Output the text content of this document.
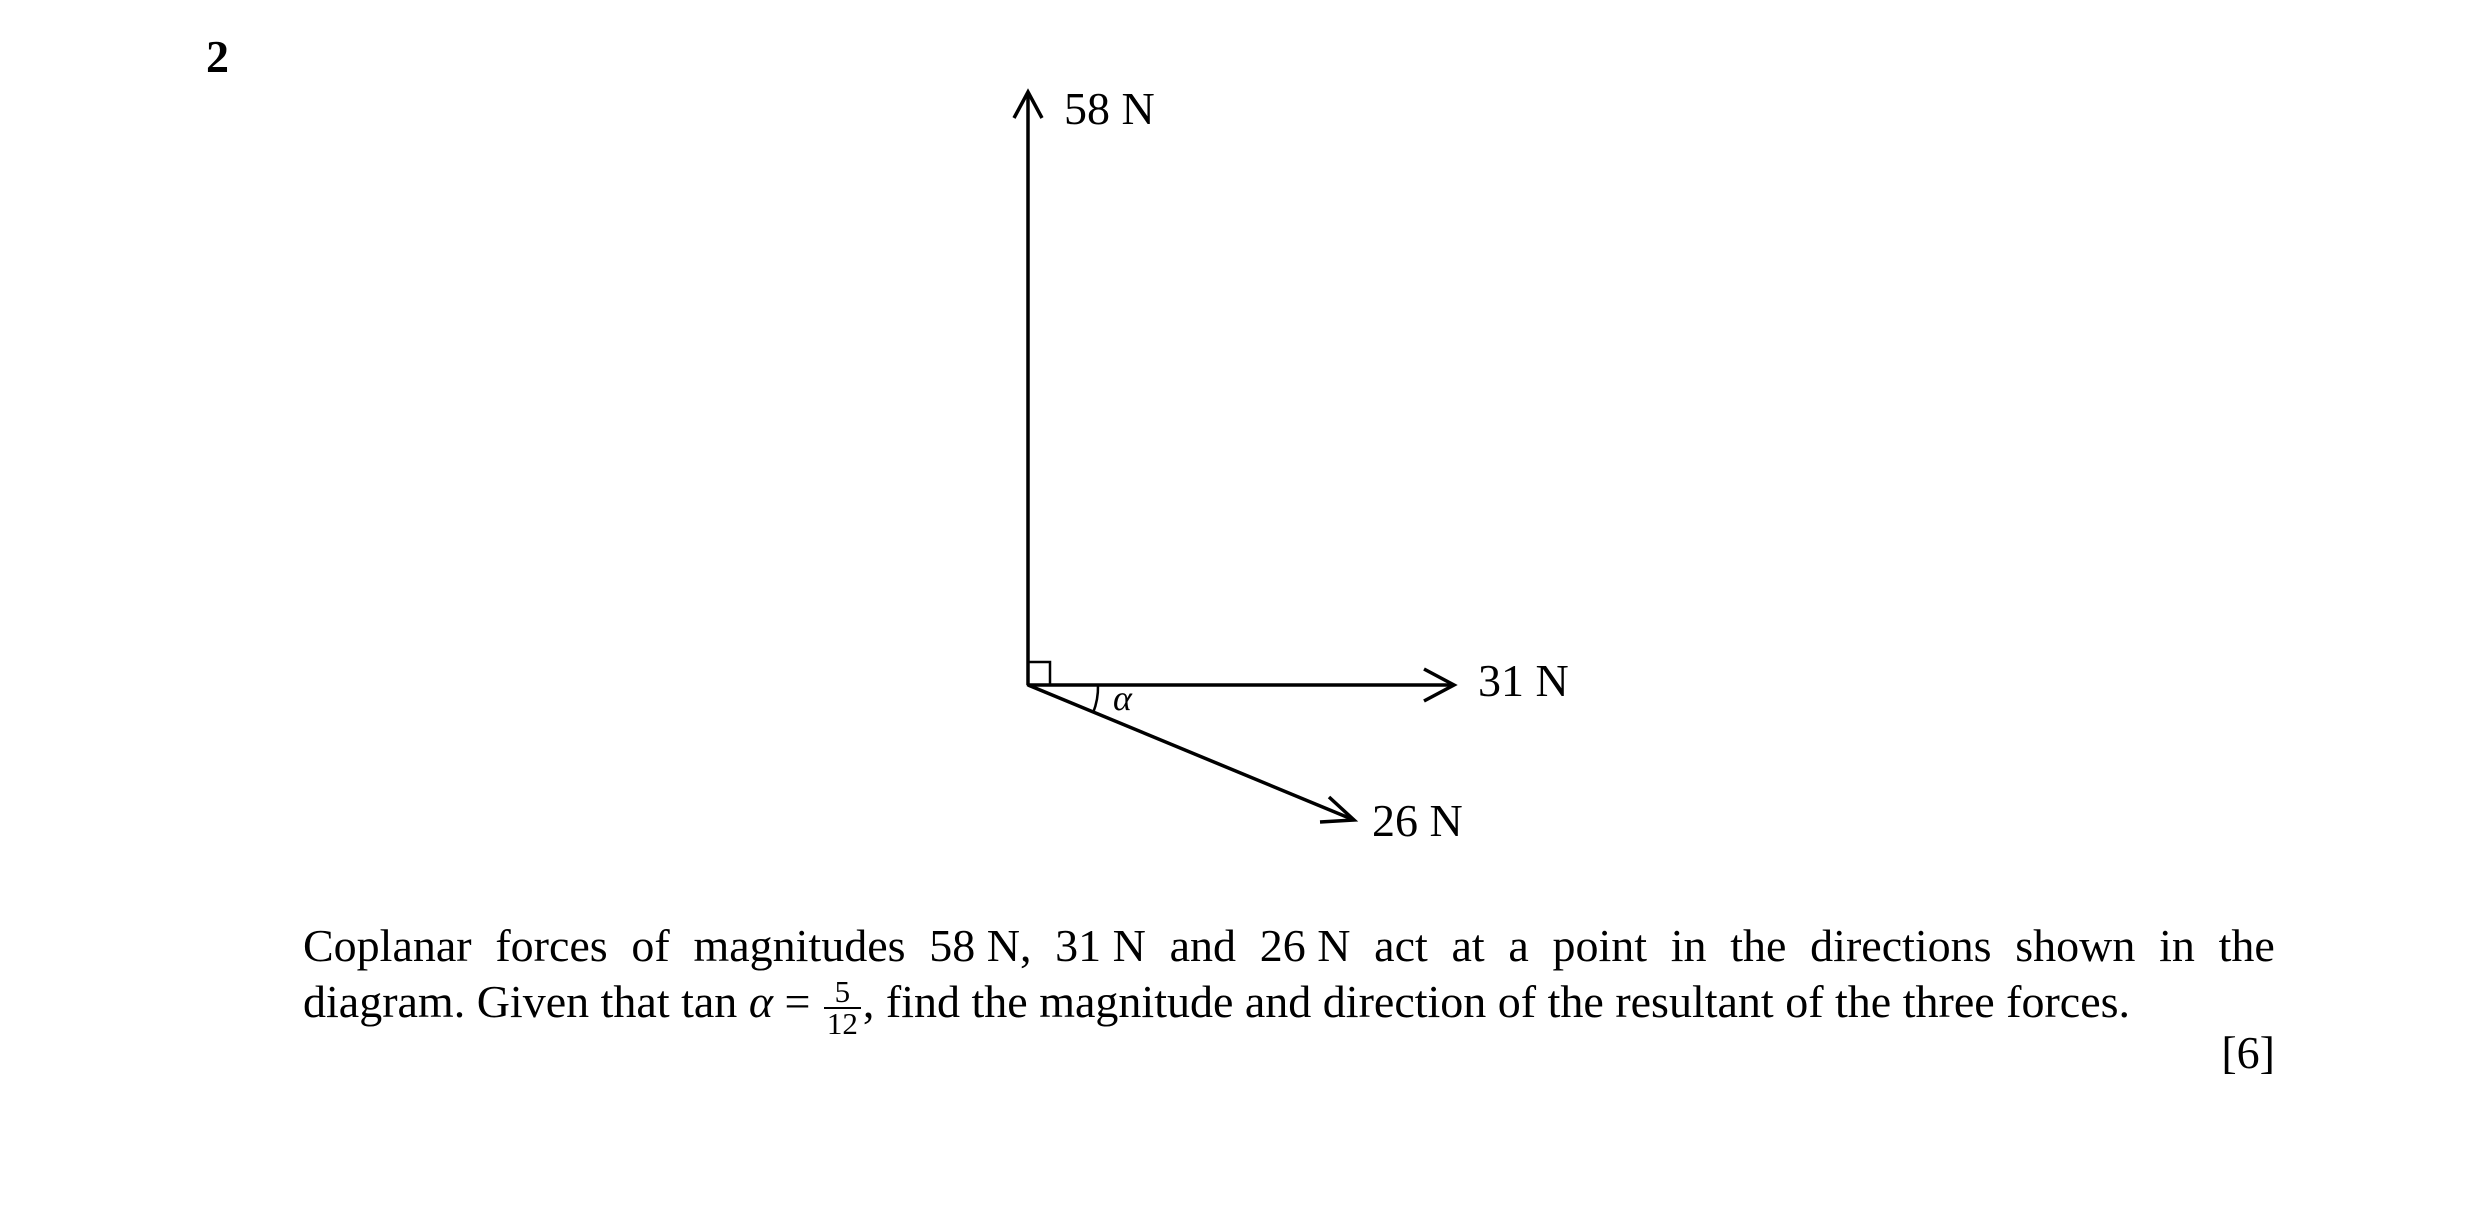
2
58 N
31 N
26 N
α
Coplanar forces of magnitudes 58 N, 31 N and 26 N act at a point in the directions shown in the
diagram. Given that $\tan \alpha = \frac{5}{12}$ , find the magnitude and direction of the resultant of the three forces.
[6]
